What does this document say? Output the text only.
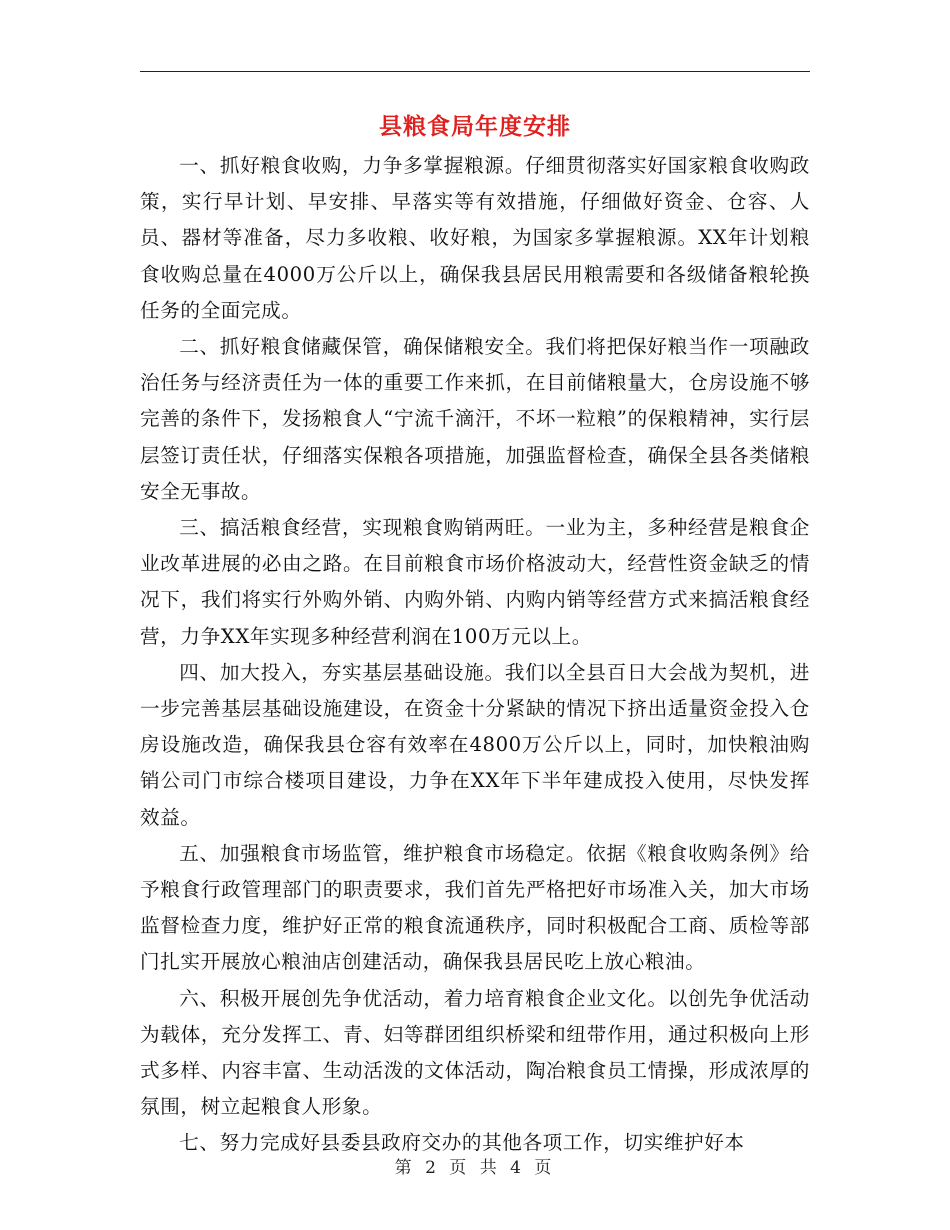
县粮食局年度安排

一、抓好粮食收购，力争多掌握粮源。仔细贯彻落实好国家粮食收购政策，实行早计划、早安排、早落实等有效措施，仔细做好资金、仓容、人员、器材等准备，尽力多收粮、收好粮，为国家多掌握粮源。XX年计划粮食收购总量在4000万公斤以上，确保我县居民用粮需要和各级储备粮轮换任务的全面完成。

二、抓好粮食储藏保管，确保储粮安全。我们将把保好粮当作一项融政治任务与经济责任为一体的重要工作来抓，在目前储粮量大，仓房设施不够完善的条件下，发扬粮食人“宁流千滴汗，不坏一粒粮”的保粮精神，实行层层签订责任状，仔细落实保粮各项措施，加强监督检查，确保全县各类储粮安全无事故。

三、搞活粮食经营，实现粮食购销两旺。一业为主，多种经营是粮食企业改革进展的必由之路。在目前粮食市场价格波动大，经营性资金缺乏的情况下，我们将实行外购外销、内购外销、内购内销等经营方式来搞活粮食经营，力争XX年实现多种经营利润在100万元以上。

四、加大投入，夯实基层基础设施。我们以全县百日大会战为契机，进一步完善基层基础设施建设，在资金十分紧缺的情况下挤出适量资金投入仓房设施改造，确保我县仓容有效率在4800万公斤以上，同时，加快粮油购销公司门市综合楼项目建设，力争在XX年下半年建成投入使用，尽快发挥效益。

五、加强粮食市场监管，维护粮食市场稳定。依据《粮食收购条例》给予粮食行政管理部门的职责要求，我们首先严格把好市场准入关，加大市场监督检查力度，维护好正常的粮食流通秩序，同时积极配合工商、质检等部门扎实开展放心粮油店创建活动，确保我县居民吃上放心粮油。

六、积极开展创先争优活动，着力培育粮食企业文化。以创先争优活动为载体，充分发挥工、青、妇等群团组织桥梁和纽带作用，通过积极向上形式多样、内容丰富、生动活泼的文体活动，陶冶粮食员工情操，形成浓厚的氛围，树立起粮食人形象。

七、努力完成好县委县政府交办的其他各项工作，切实维护好本

第 2 页 共 4 页
